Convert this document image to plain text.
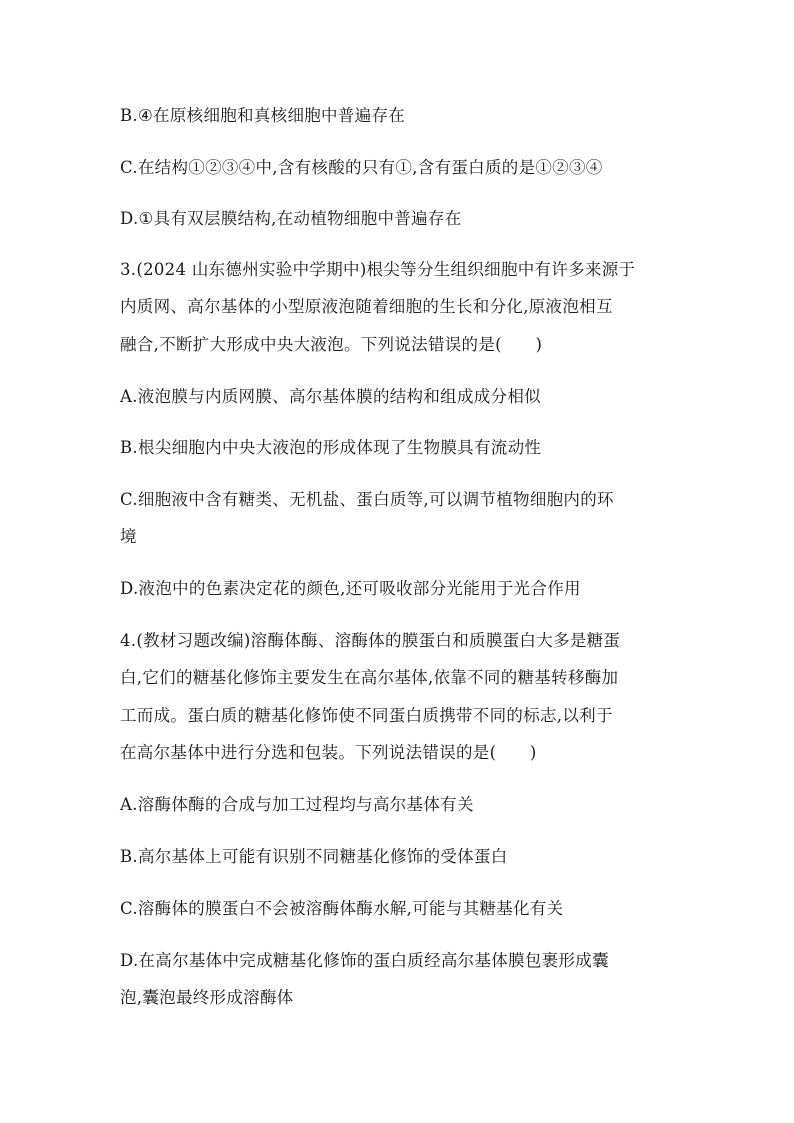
B.④在原核细胞和真核细胞中普遍存在
C.在结构①②③④中,含有核酸的只有①,含有蛋白质的是①②③④
D.①具有双层膜结构,在动植物细胞中普遍存在
3.(2024 山东德州实验中学期中)根尖等分生组织细胞中有许多来源于
内质网、高尔基体的小型原液泡随着细胞的生长和分化,原液泡相互
融合,不断扩大形成中央大液泡。下列说法错误的是(　　)
A.液泡膜与内质网膜、高尔基体膜的结构和组成成分相似
B.根尖细胞内中央大液泡的形成体现了生物膜具有流动性
C.细胞液中含有糖类、无机盐、蛋白质等,可以调节植物细胞内的环
境
D.液泡中的色素决定花的颜色,还可吸收部分光能用于光合作用
4.(教材习题改编)溶酶体酶、溶酶体的膜蛋白和质膜蛋白大多是糖蛋
白,它们的糖基化修饰主要发生在高尔基体,依靠不同的糖基转移酶加
工而成。蛋白质的糖基化修饰使不同蛋白质携带不同的标志,以利于
在高尔基体中进行分选和包装。下列说法错误的是(　　)
A.溶酶体酶的合成与加工过程均与高尔基体有关
B.高尔基体上可能有识别不同糖基化修饰的受体蛋白
C.溶酶体的膜蛋白不会被溶酶体酶水解,可能与其糖基化有关
D.在高尔基体中完成糖基化修饰的蛋白质经高尔基体膜包裹形成囊
泡,囊泡最终形成溶酶体
